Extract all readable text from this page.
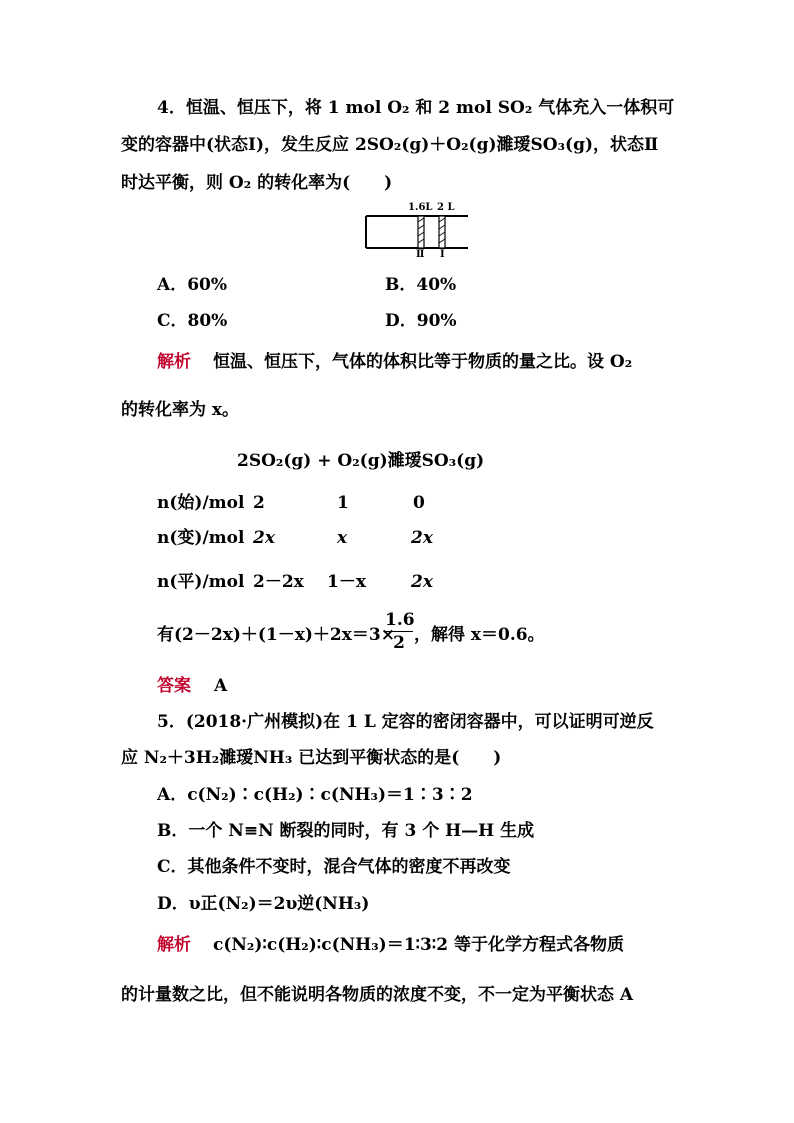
4．恒温、恒压下，将 1 mol O₂ 和 2 mol SO₂ 气体充入一体积可
变的容器中(状态Ⅰ)，发生反应 2SO₂(g)＋O₂(g)濉瑷SO₃(g)，状态Ⅱ
时达平衡，则 O₂ 的转化率为(　　)
1.6L 2 L
Ⅱ Ⅰ
A．60%	B．40%
C．80%	D．90%
解析 恒温、恒压下，气体的体积比等于物质的量之比。设 O₂
的转化率为 x。
2SO₂(g) + O₂(g)濉瑷SO₃(g)
n(始)/mol 2	1	0
n(变)/mol 2x	x	2x
n(平)/mol 2－2x 1－x	2x
有(2－2x)＋(1－x)＋2x＝3×
1.6
2 ，解得 x＝0.6。
答案 A
5．(2018·广州模拟)在 1 L 定容的密闭容器中，可以证明可逆反
应 N₂＋3H₂濉瑷NH₃ 已达到平衡状态的是(　　)
A．c(N₂)∶c(H₂)∶c(NH₃)＝1∶3∶2
B．一个 N≡N 断裂的同时，有 3 个 H—H 生成
C．其他条件不变时，混合气体的密度不再改变
D．υ正(N₂)＝2υ逆(NH₃)
解析 c(N₂)∶c(H₂)∶c(NH₃)＝1∶3∶2 等于化学方程式各物质
的计量数之比，但不能说明各物质的浓度不变，不一定为平衡状态 A
